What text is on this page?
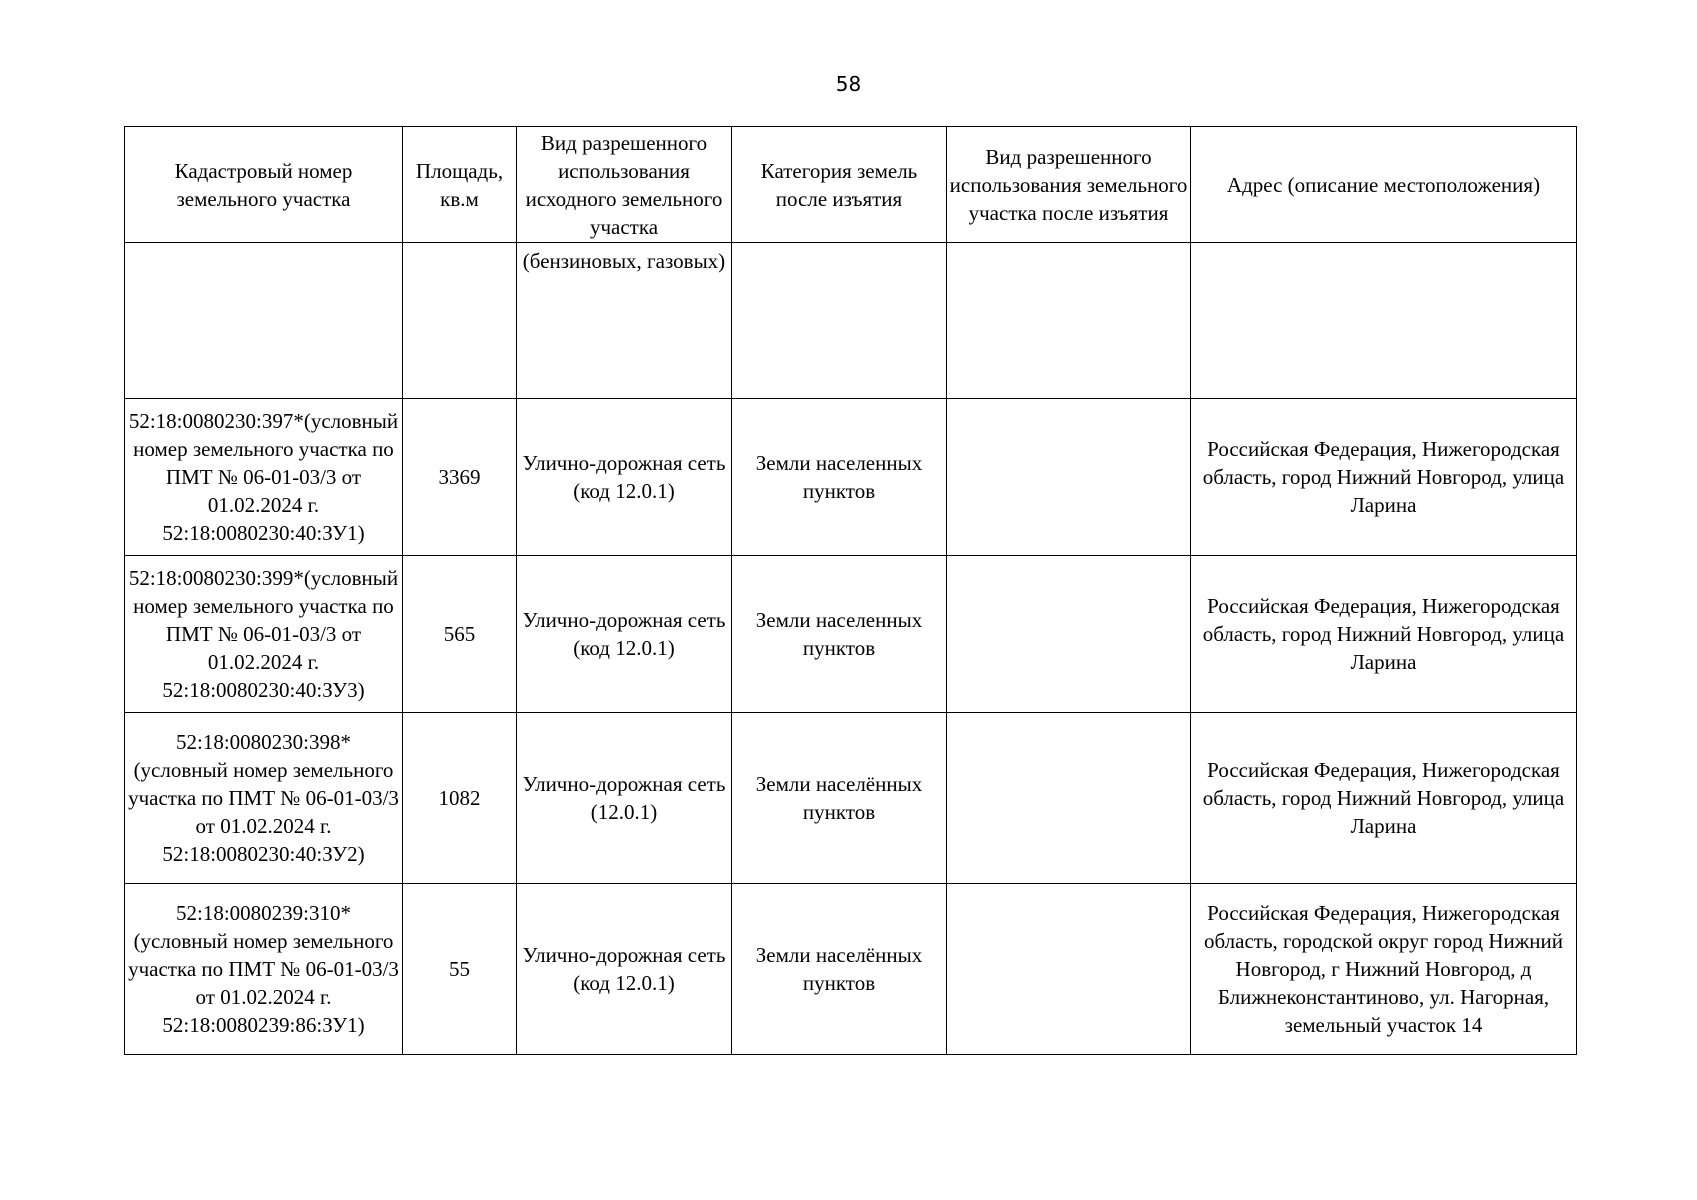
58
Кадастровый номер земельного участка	Площадь, кв.м	Вид разрешенного использования исходного земельного участка	Категория земель после изъятия	Вид разрешенного использования земельного участка после изъятия	Адрес (описание местоположения)
		(бензиновых, газовых)			
52:18:0080230:397*(условный номер земельного участка по ПМТ № 06-01-03/3 от 01.02.2024 г. 52:18:0080230:40:ЗУ1)	3369	Улично-дорожная сеть (код 12.0.1)	Земли населенных пунктов		Российская Федерация, Нижегородская область, город Нижний Новгород, улица Ларина
52:18:0080230:399*(условный номер земельного участка по ПМТ № 06-01-03/3 от 01.02.2024 г. 52:18:0080230:40:ЗУ3)	565	Улично-дорожная сеть (код 12.0.1)	Земли населенных пунктов		Российская Федерация, Нижегородская область, город Нижний Новгород, улица Ларина
52:18:0080230:398* (условный номер земельного участка по ПМТ № 06-01-03/3 от 01.02.2024 г. 52:18:0080230:40:ЗУ2)	1082	Улично-дорожная сеть (12.0.1)	Земли населённых пунктов		Российская Федерация, Нижегородская область, город Нижний Новгород, улица Ларина
52:18:0080239:310* (условный номер земельного участка по ПМТ № 06-01-03/3 от 01.02.2024 г. 52:18:0080239:86:ЗУ1)	55	Улично-дорожная сеть (код 12.0.1)	Земли населённых пунктов		Российская Федерация, Нижегородская область, городской округ город Нижний Новгород, г Нижний Новгород, д Ближнеконстантиново, ул. Нагорная, земельный участок 14
